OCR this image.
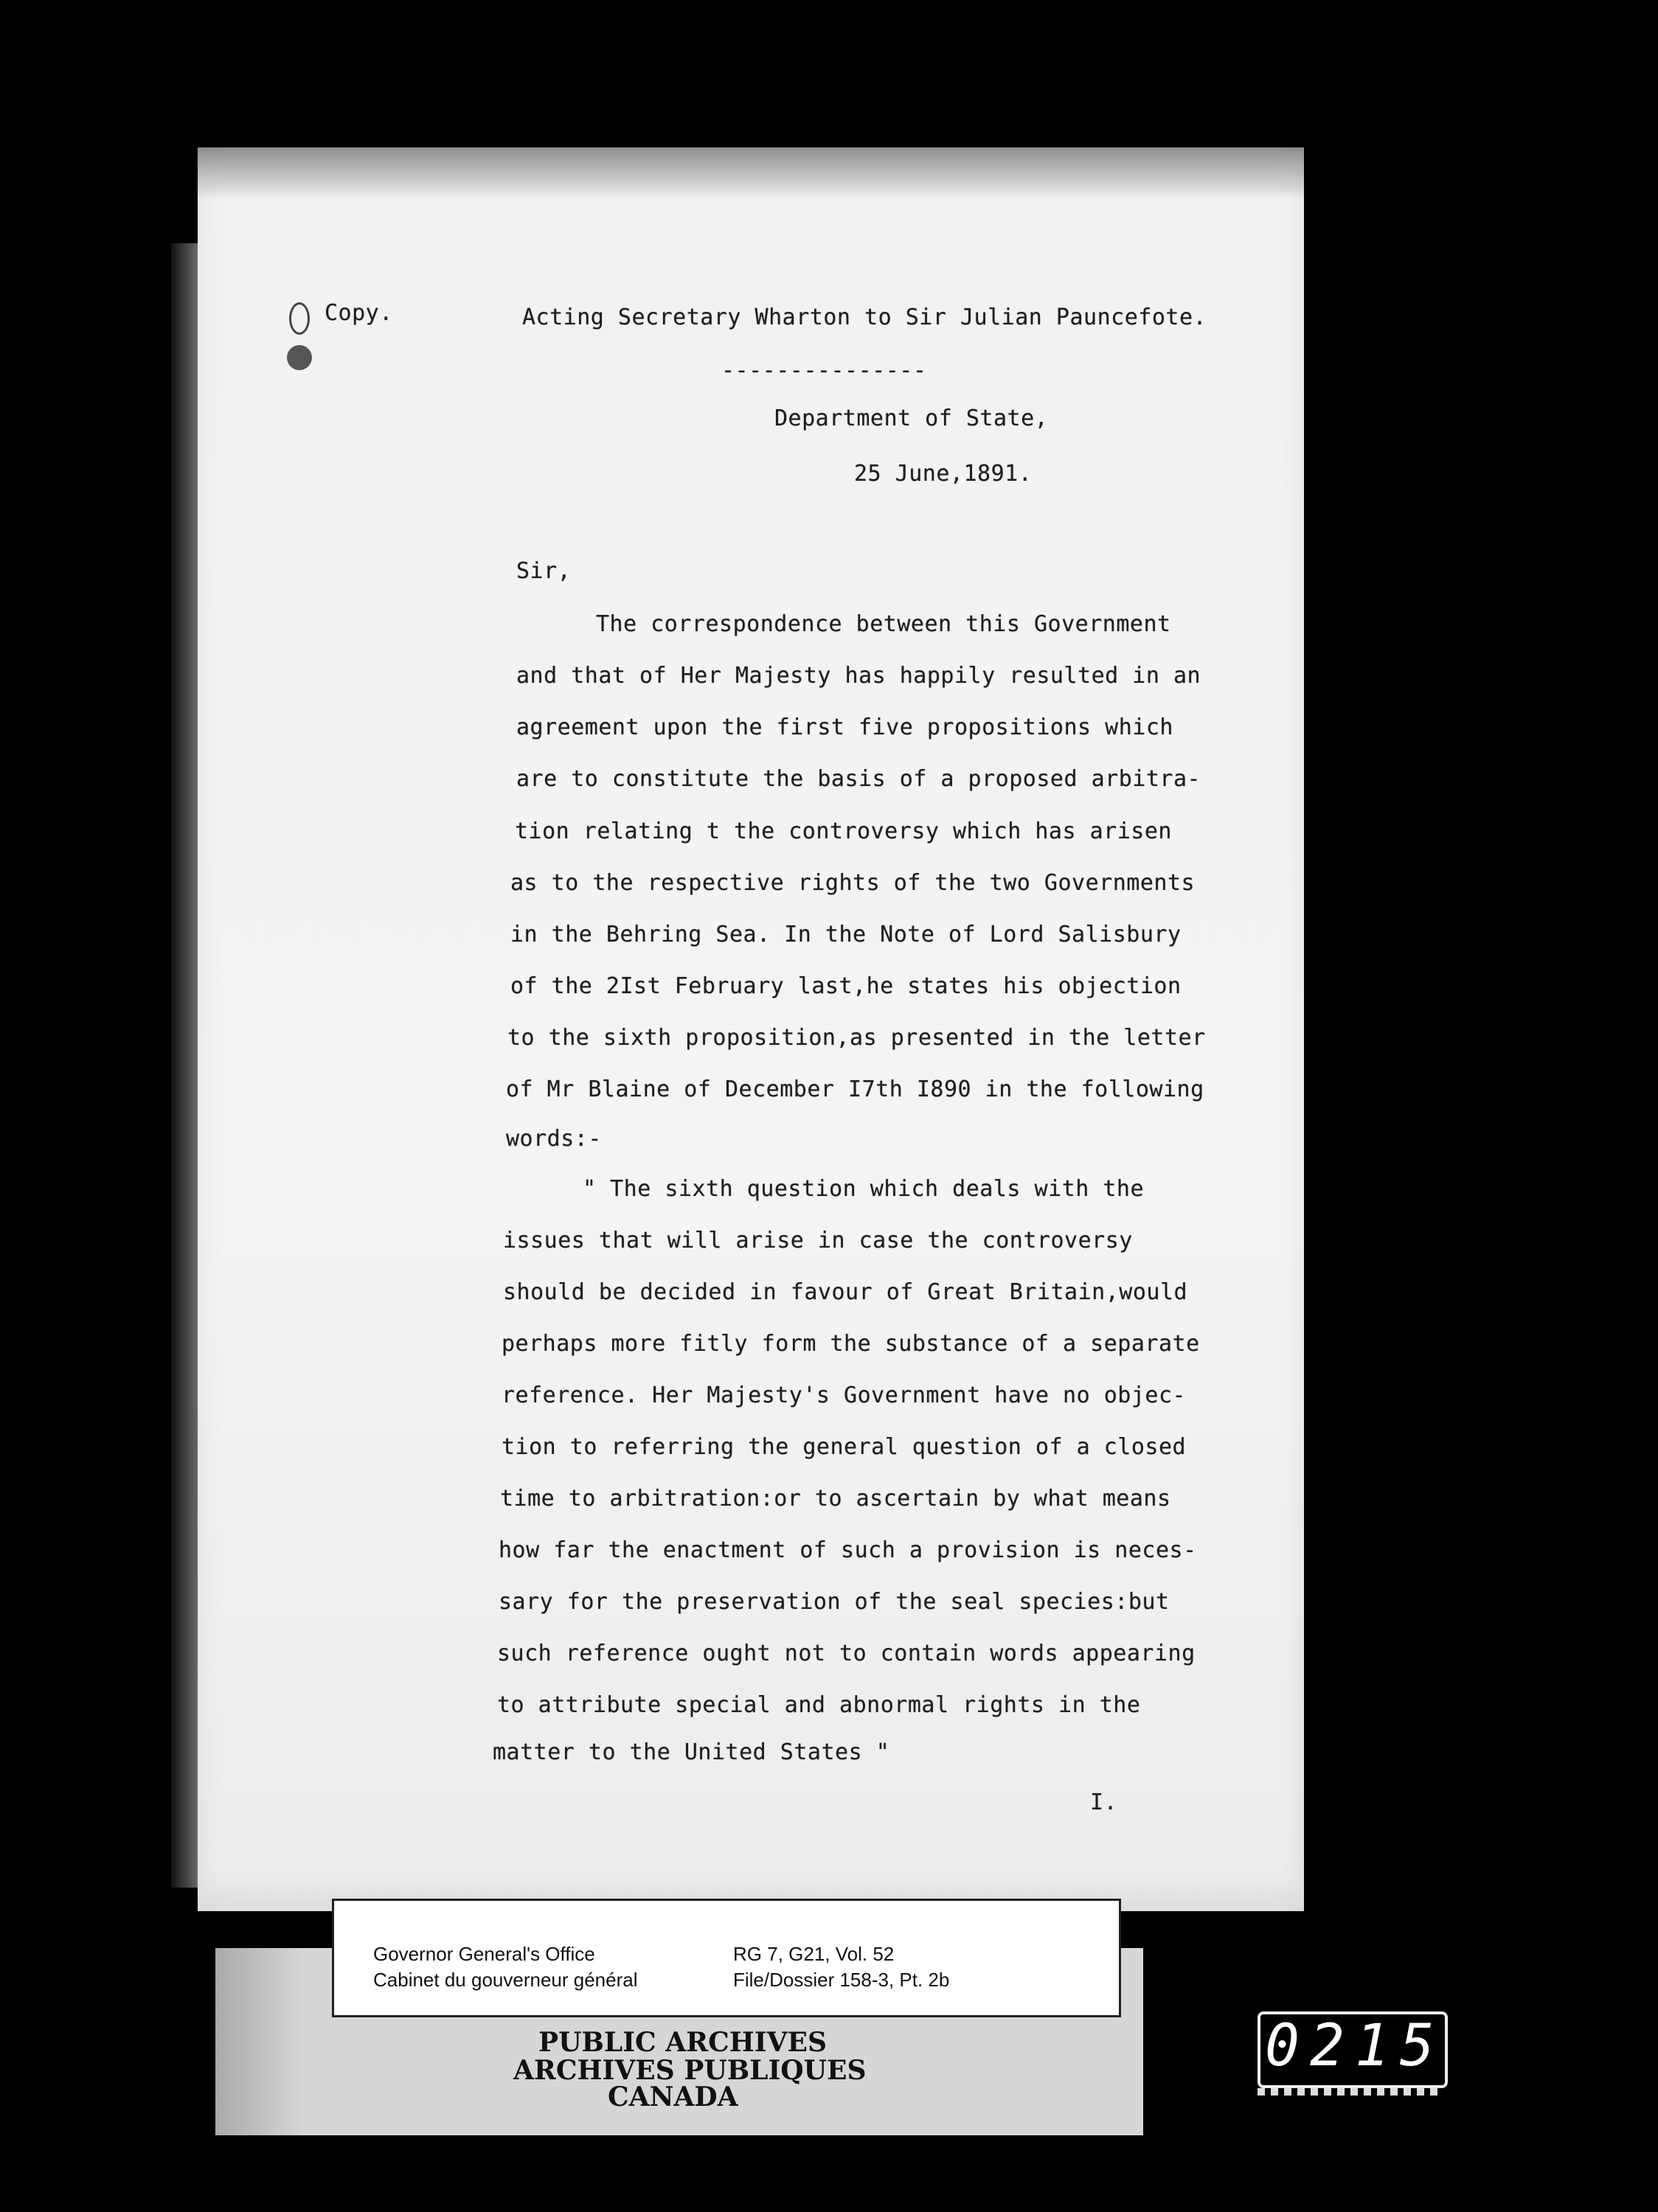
Copy.	Acting Secretary Wharton to Sir Julian Pauncefote.
---------------
Department of State,
25 June,1891.
Sir,
The correspondence between this Government
and that of Her Majesty has happily resulted in an
agreement upon the first five propositions which
are to constitute the basis of a proposed arbitra-
tion relating t the controversy which has arisen
as to the respective rights of the two Governments
in the Behring Sea. In the Note of Lord Salisbury
of the 2Ist February last,he states his objection
to the sixth proposition,as presented in the letter
of Mr Blaine of December I7th I890 in the following
words:-
" The sixth question which deals with the
issues that will arise in case the controversy
should be decided in favour of Great Britain,would
perhaps more fitly form the substance of a separate
reference. Her Majesty's Government have no objec-
tion to referring the general question of a closed
time to arbitration:or to ascertain by what means
how far the enactment of such a provision is neces-
sary for the preservation of the seal species:but
such reference ought not to contain words appearing
to attribute special and abnormal rights in the
matter to the United States "
I.
Governor General's Office
Cabinet du gouverneur général
RG 7, G21, Vol. 52
File/Dossier 158-3, Pt. 2b
PUBLIC ARCHIVES
ARCHIVES PUBLIQUES
CANADA
0215
